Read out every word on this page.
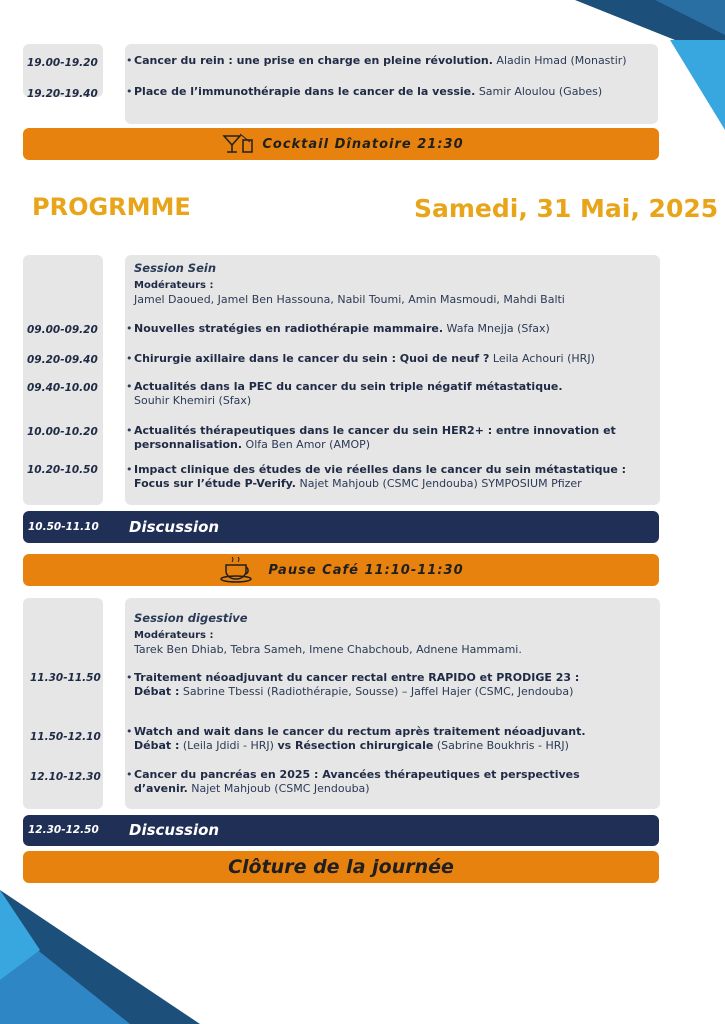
19.00-19.20	• Cancer du rein : une prise en charge en pleine révolution. Aladin Hmad (Monastir)
19.20-19.40	• Place de l’immunothérapie dans le cancer de la vessie. Samir Aloulou (Gabes)
Cocktail Dînatoire 21:30
PROGRMME	Samedi, 31 Mai, 2025
Session Sein
Modérateurs :
Jamel Daoued, Jamel Ben Hassouna, Nabil Toumi, Amin Masmoudi, Mahdi Balti
09.00-09.20	• Nouvelles stratégies en radiothérapie mammaire. Wafa Mnejja (Sfax)
09.20-09.40	• Chirurgie axillaire dans le cancer du sein : Quoi de neuf ? Leila Achouri (HRJ)
09.40-10.00	• Actualités dans la PEC du cancer du sein triple négatif métastatique.
Souhir Khemiri (Sfax)
10.00-10.20	• Actualités thérapeutiques dans le cancer du sein HER2+ : entre innovation et personnalisation. Olfa Ben Amor (AMOP)
10.20-10.50	• Impact clinique des études de vie réelles dans le cancer du sein métastatique : Focus sur l’étude P-Verify. Najet Mahjoub (CSMC Jendouba) SYMPOSIUM Pfizer
10.50-11.10 Discussion
Pause Café 11:10-11:30
Session digestive
Modérateurs :
Tarek Ben Dhiab, Tebra Sameh, Imene Chabchoub, Adnene Hammami.
11.30-11.50 • Traitement néoadjuvant du cancer rectal entre RAPIDO et PRODIGE 23 :
Débat : Sabrine Tbessi (Radiothérapie, Sousse) – Jaffel Hajer (CSMC, Jendouba)
11.50-12.10 • Watch and wait dans le cancer du rectum après traitement néoadjuvant.
Débat : (Leila Jdidi - HRJ) vs Résection chirurgicale (Sabrine Boukhris - HRJ)
12.10-12.30 • Cancer du pancréas en 2025 : Avancées thérapeutiques et perspectives
d’avenir. Najet Mahjoub (CSMC Jendouba)
12.30-12.50 Discussion
Clôture de la journée
